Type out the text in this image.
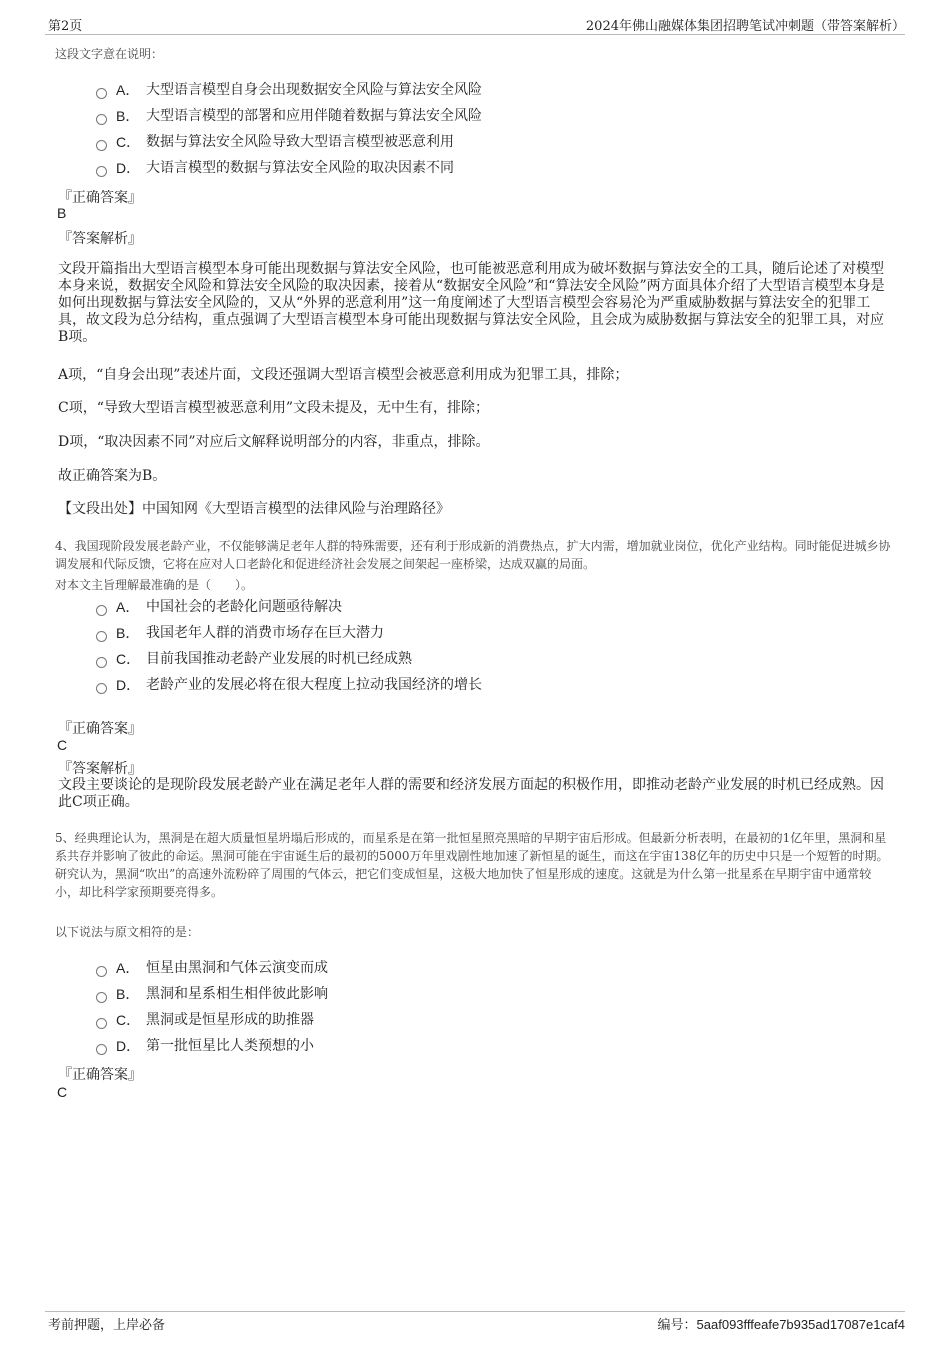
第2页	2024年佛山融媒体集团招聘笔试冲刺题（带答案解析）
这段文字意在说明：
A． 大型语言模型自身会出现数据安全风险与算法安全风险
B． 大型语言模型的部署和应用伴随着数据与算法安全风险
C． 数据与算法安全风险导致大型语言模型被恶意利用
D． 大语言模型的数据与算法安全风险的取决因素不同
『正确答案』
B
『答案解析』
文段开篇指出大型语言模型本身可能出现数据与算法安全风险，也可能被恶意利用成为破坏数据与算法安全的工具，随后论述了对模型本身来说，数据安全风险和算法安全风险的取决因素，接着从“数据安全风险”和“算法安全风险”两方面具体介绍了大型语言模型本身是如何出现数据与算法安全风险的，又从“外界的恶意利用”这一角度阐述了大型语言模型会容易沦为严重威胁数据与算法安全的犯罪工具，故文段为总分结构，重点强调了大型语言模型本身可能出现数据与算法安全风险，且会成为威胁数据与算法安全的犯罪工具，对应B项。
A项，“自身会出现”表述片面，文段还强调大型语言模型会被恶意利用成为犯罪工具，排除；
C项，“导致大型语言模型被恶意利用”文段未提及，无中生有，排除；
D项，“取决因素不同”对应后文解释说明部分的内容，非重点，排除。
故正确答案为B。
【文段出处】中国知网《大型语言模型的法律风险与治理路径》
4、我国现阶段发展老龄产业，不仅能够满足老年人群的特殊需要，还有利于形成新的消费热点，扩大内需，增加就业岗位，优化产业结构。同时能促进城乡协调发展和代际反馈，它将在应对人口老龄化和促进经济社会发展之间架起一座桥梁，达成双赢的局面。
对本文主旨理解最准确的是（　　）。
A． 中国社会的老龄化问题亟待解决
B． 我国老年人群的消费市场存在巨大潜力
C． 目前我国推动老龄产业发展的时机已经成熟
D． 老龄产业的发展必将在很大程度上拉动我国经济的增长
『正确答案』
C
『答案解析』
文段主要谈论的是现阶段发展老龄产业在满足老年人群的需要和经济发展方面起的积极作用，即推动老龄产业发展的时机已经成熟。因此C项正确。
5、经典理论认为，黑洞是在超大质量恒星坍塌后形成的，而星系是在第一批恒星照亮黑暗的早期宇宙后形成。但最新分析表明，在最初的1亿年里，黑洞和星系共存并影响了彼此的命运。黑洞可能在宇宙诞生后的最初的5000万年里戏剧性地加速了新恒星的诞生，而这在宇宙138亿年的历史中只是一个短暂的时期。研究认为，黑洞“吹出”的高速外流粉碎了周围的气体云，把它们变成恒星，这极大地加快了恒星形成的速度。这就是为什么第一批星系在早期宇宙中通常较小，却比科学家预期要亮得多。
以下说法与原文相符的是：
A． 恒星由黑洞和气体云演变而成
B． 黑洞和星系相生相伴彼此影响
C． 黑洞或是恒星形成的助推器
D． 第一批恒星比人类预想的小
『正确答案』
C
考前押题，上岸必备	编号：5aaf093fffeafe7b935ad17087e1caf4
